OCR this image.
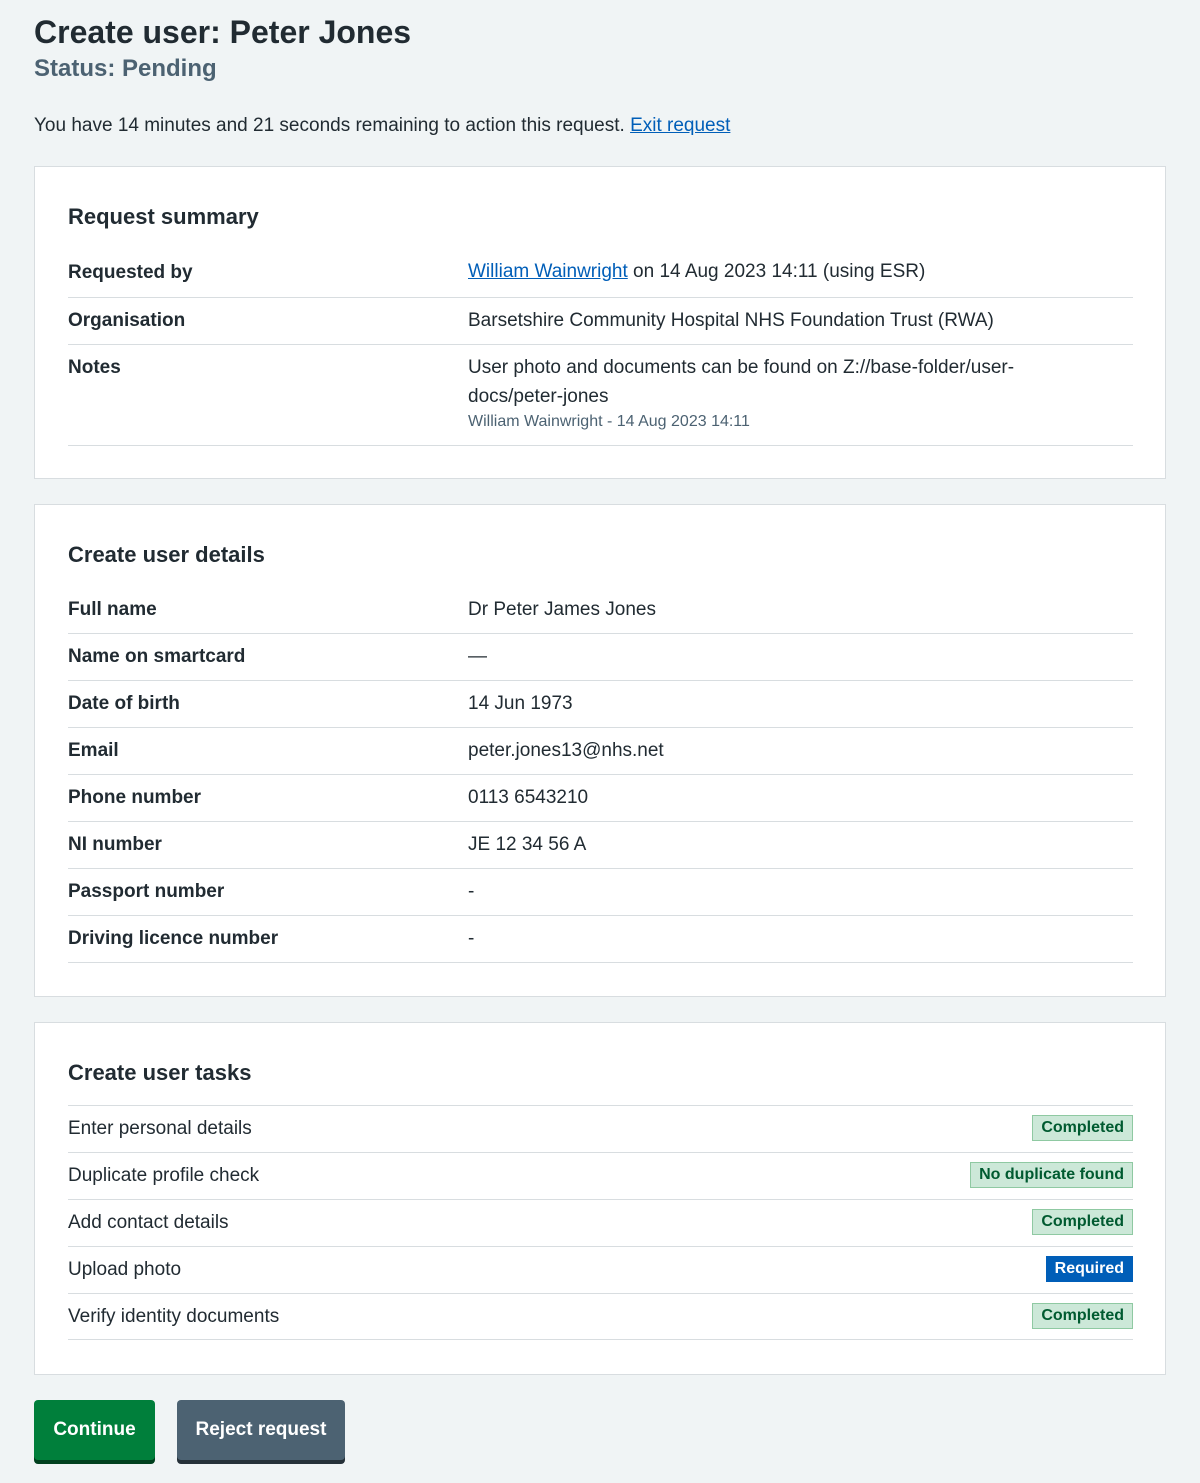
Create user: Peter Jones
Status: Pending

You have 14 minutes and 21 seconds remaining to action this request. Exit request

Request summary
Requested by	William Wainwright on 14 Aug 2023 14:11 (using ESR)
Organisation	Barsetshire Community Hospital NHS Foundation Trust (RWA)
Notes	User photo and documents can be found on Z://base-folder/user-docs/peter-jones
William Wainwright - 14 Aug 2023 14:11
Create user details
Full name	Dr Peter James Jones
Name on smartcard	—
Date of birth	14 Jun 1973
Email	peter.jones13@nhs.net
Phone number	0113 6543210
NI number	JE 12 34 56 A
Passport number	-
Driving licence number	-
Create user tasks
Enter personal details	Completed
Duplicate profile check	No duplicate found
Add contact details	Completed
Upload photo	Required
Verify identity documents	Completed
Continue	Reject request
